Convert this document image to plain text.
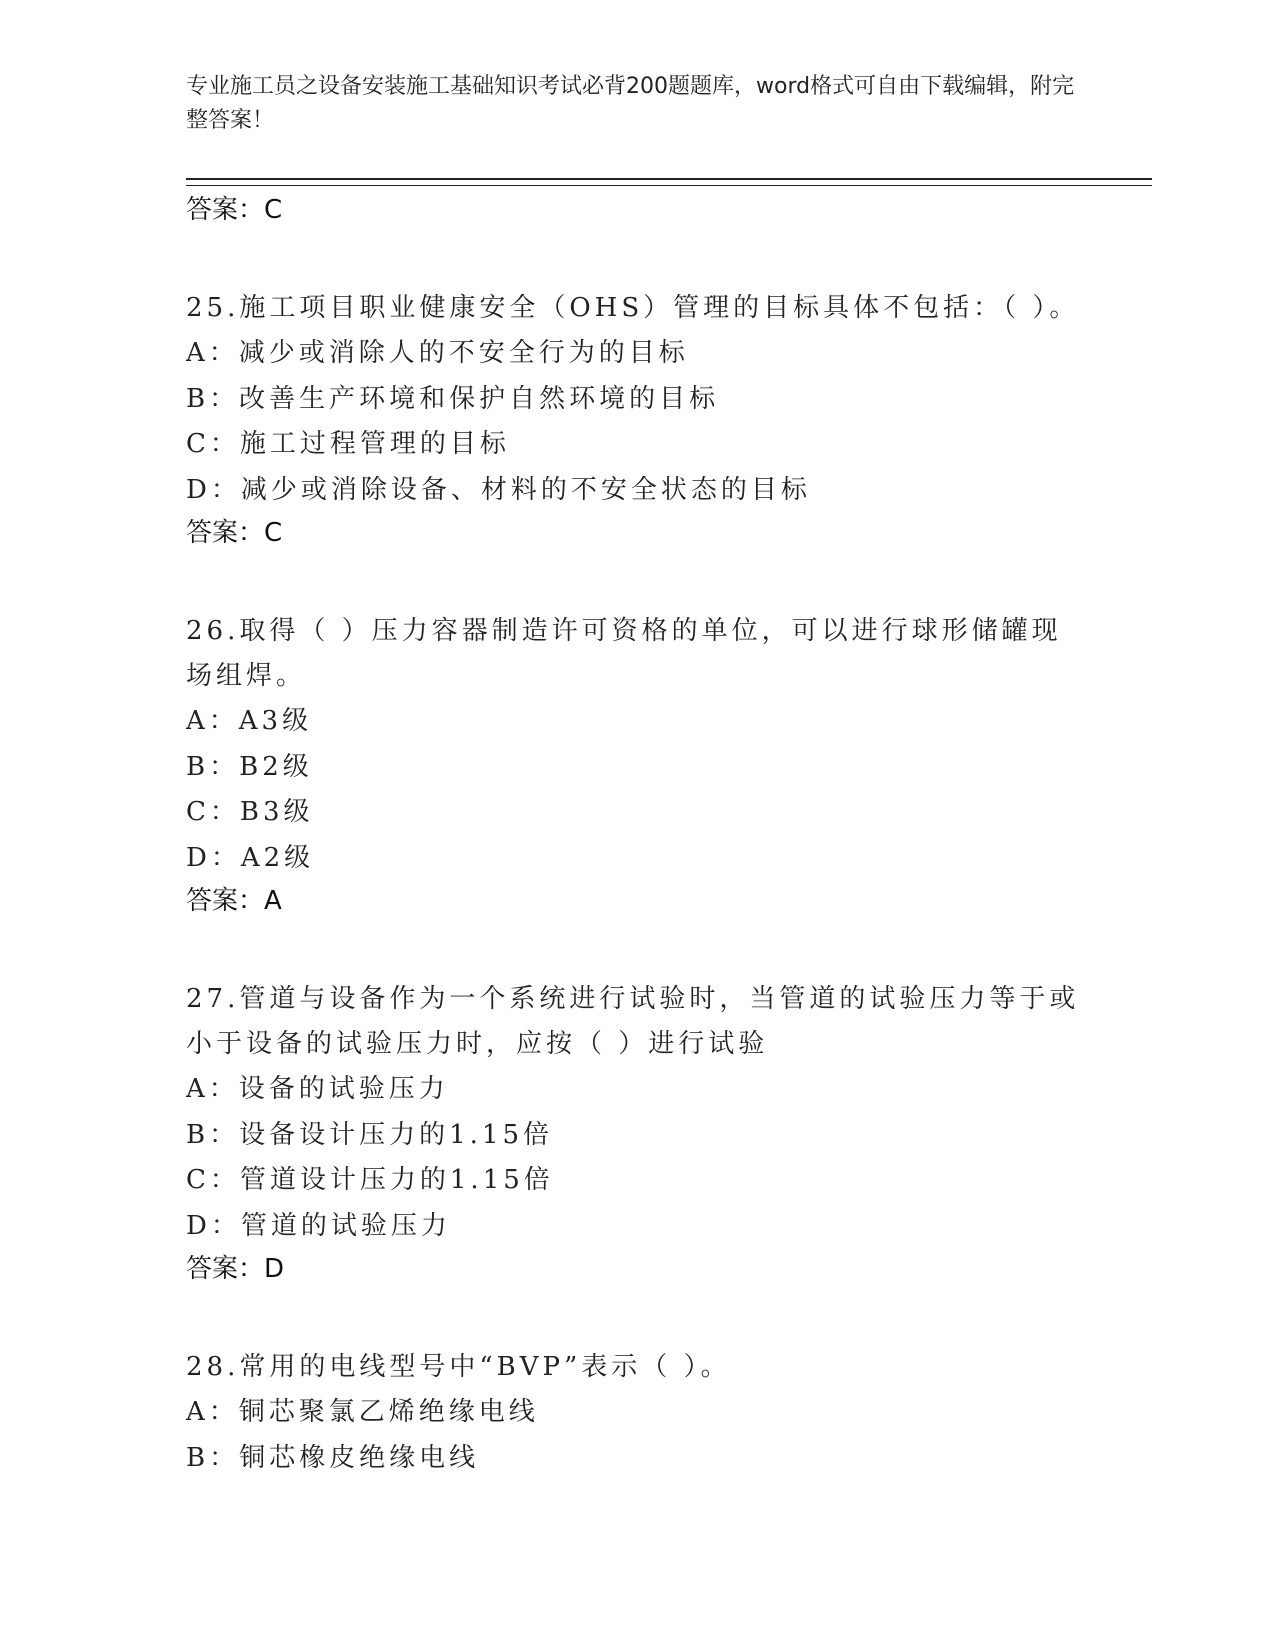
专业施工员之设备安装施工基础知识考试必背200题题库，word格式可自由下载编辑，附完整答案！
答案：C
25.施工项目职业健康安全（OHS）管理的目标具体不包括：（ ）。
A：减少或消除人的不安全行为的目标
B：改善生产环境和保护自然环境的目标
C：施工过程管理的目标
D：减少或消除设备、材料的不安全状态的目标
答案：C
26.取得（ ）压力容器制造许可资格的单位，可以进行球形储罐现场组焊。
A：A3级
B：B2级
C：B3级
D：A2级
答案：A
27.管道与设备作为一个系统进行试验时，当管道的试验压力等于或小于设备的试验压力时，应按（ ）进行试验
A：设备的试验压力
B：设备设计压力的1.15倍
C：管道设计压力的1.15倍
D：管道的试验压力
答案：D
28.常用的电线型号中“BVP”表示（ ）。
A：铜芯聚氯乙烯绝缘电线
B：铜芯橡皮绝缘电线
